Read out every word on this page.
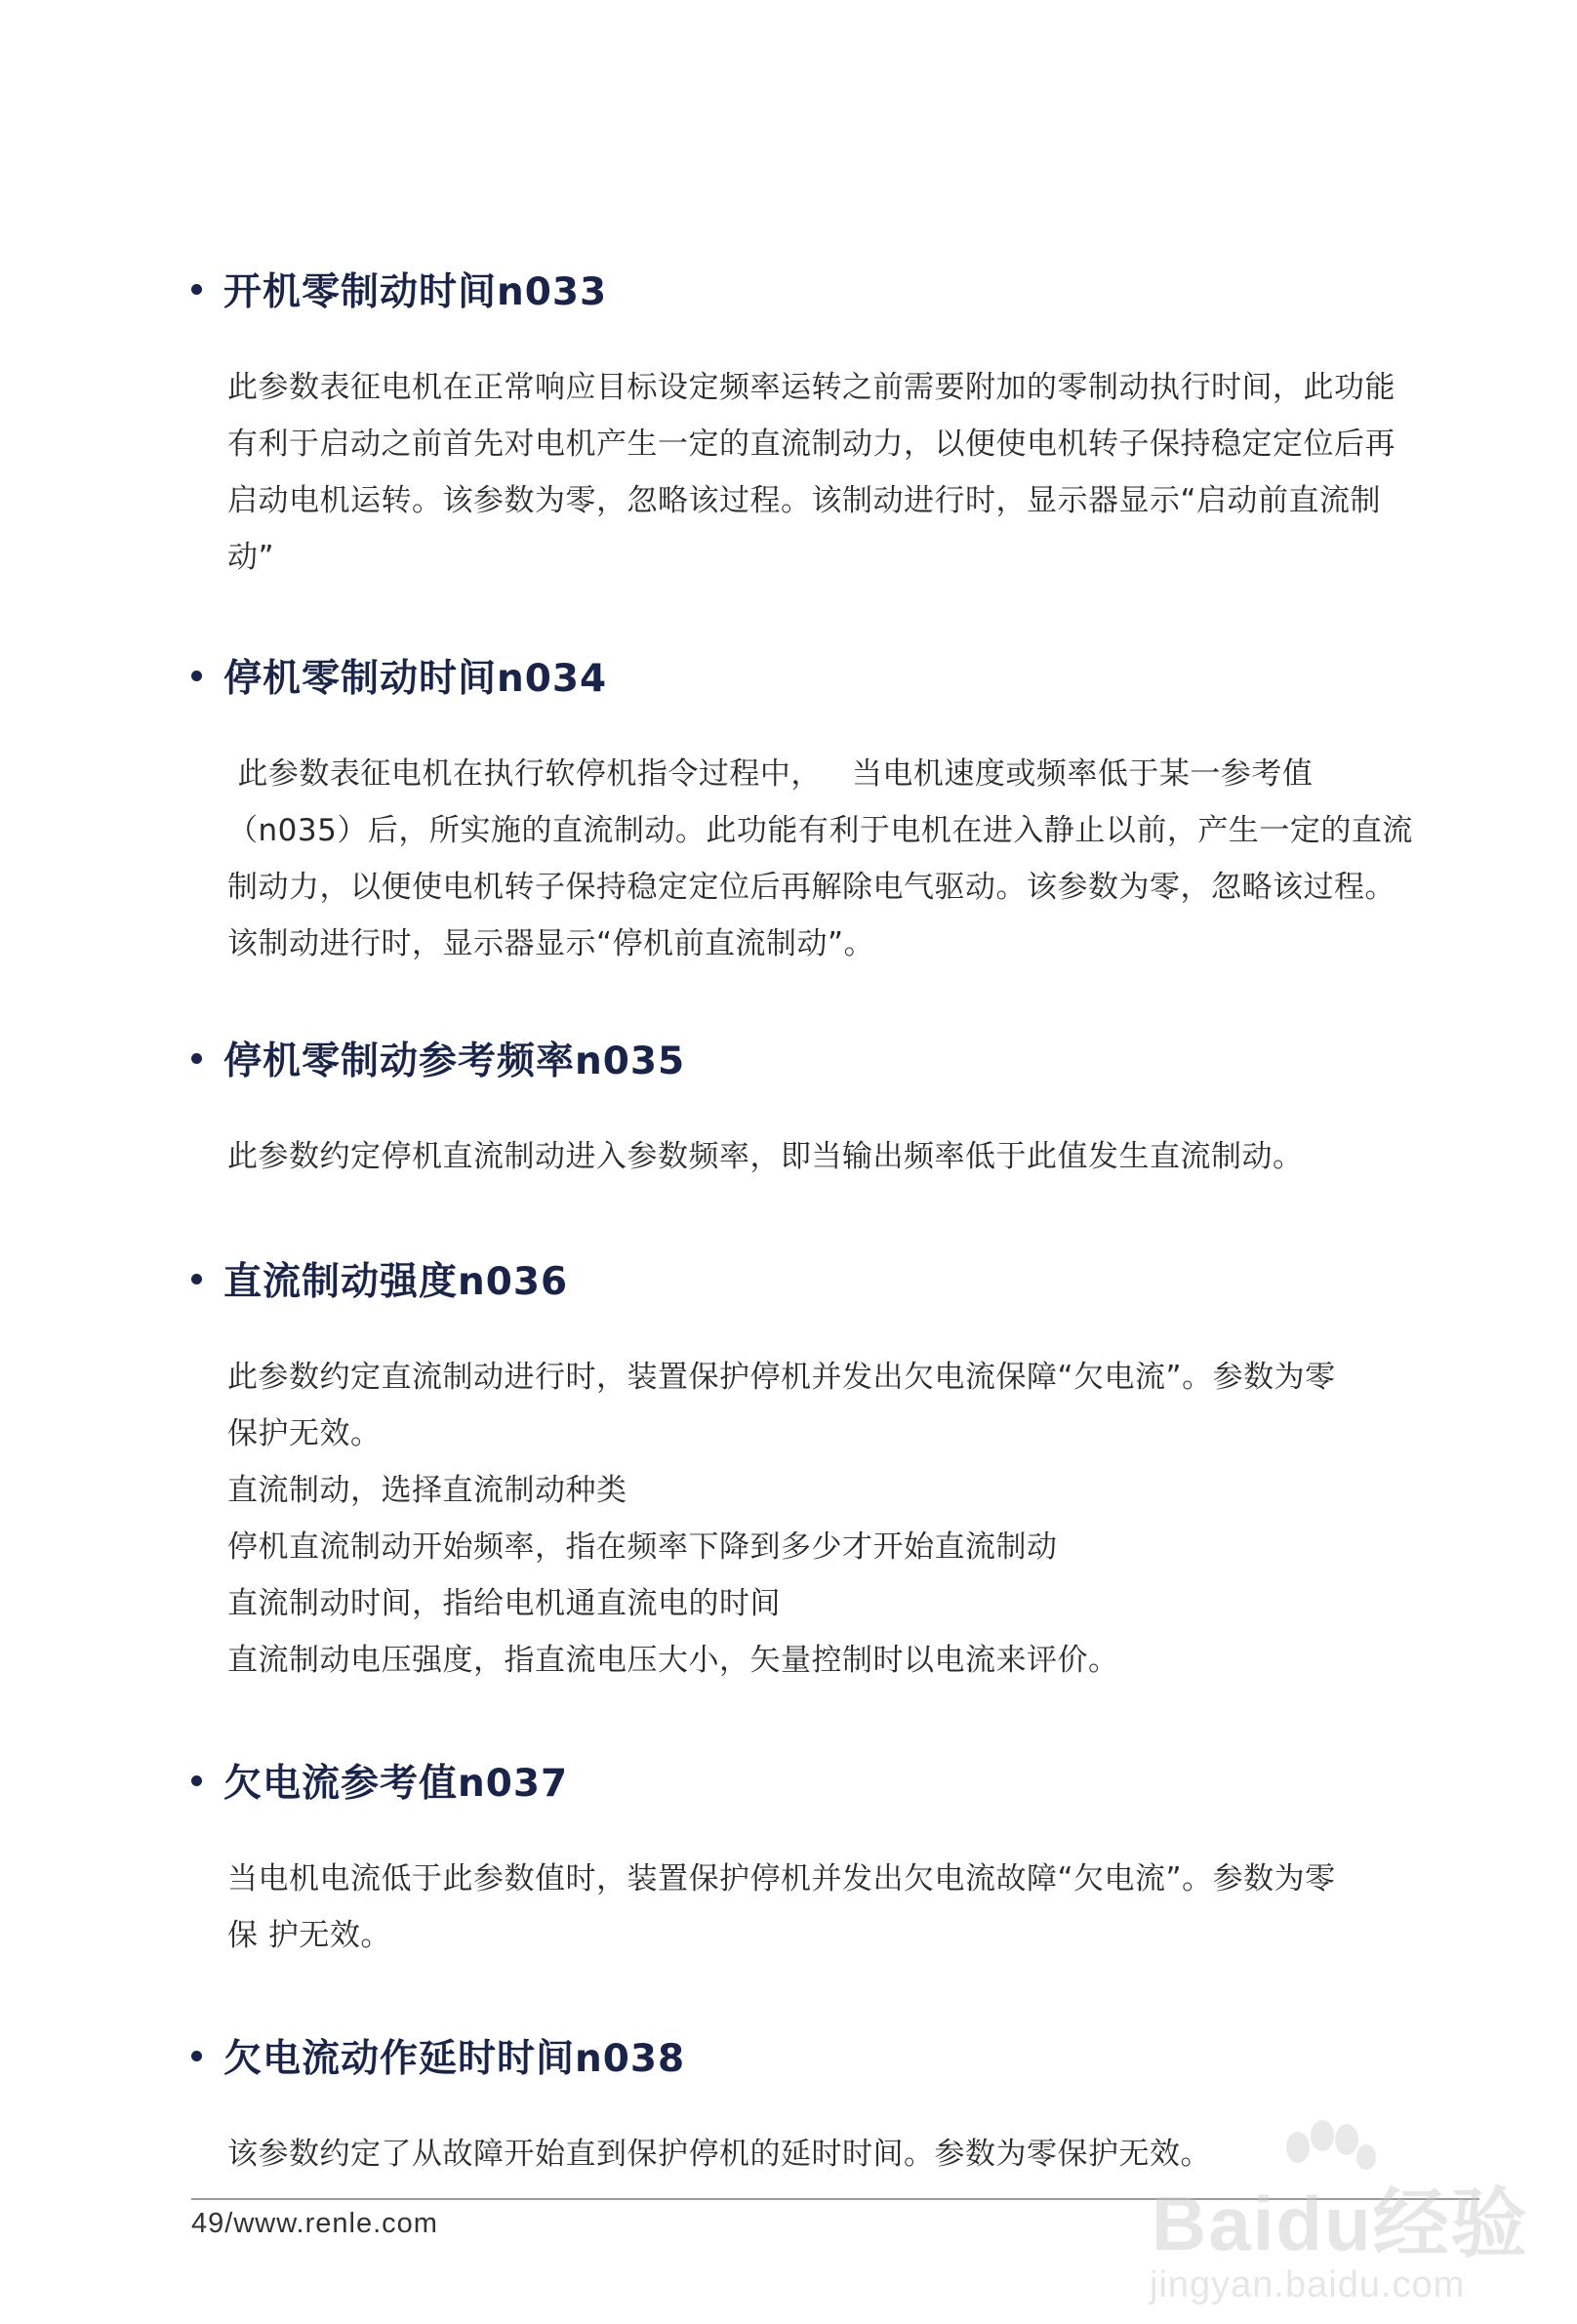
开机零制动时间n033
此参数表征电机在正常响应目标设定频率运转之前需要附加的零制动执行时间，此功能
有利于启动之前首先对电机产生一定的直流制动力，以便使电机转子保持稳定定位后再
启动电机运转。该参数为零，忽略该过程。该制动进行时，显示器显示“启动前直流制
动”
停机零制动时间n034
此参数表征电机在执行软停机指令过程中，   当电机速度或频率低于某一参考值
（n035）后，所实施的直流制动。此功能有利于电机在进入静止以前，产生一定的直流
制动力，以便使电机转子保持稳定定位后再解除电气驱动。该参数为零，忽略该过程。
该制动进行时，显示器显示“停机前直流制动”。
停机零制动参考频率n035
此参数约定停机直流制动进入参数频率，即当输出频率低于此值发生直流制动。
直流制动强度n036
此参数约定直流制动进行时，装置保护停机并发出欠电流保障“欠电流”。参数为零
保护无效。
直流制动，选择直流制动种类
停机直流制动开始频率，指在频率下降到多少才开始直流制动
直流制动时间，指给电机通直流电的时间
直流制动电压强度，指直流电压大小，矢量控制时以电流来评价。
欠电流参考值n037
当电机电流低于此参数值时，装置保护停机并发出欠电流故障“欠电流”。参数为零
保 护无效。
欠电流动作延时时间n038
该参数约定了从故障开始直到保护停机的延时时间。参数为零保护无效。
49/www.renle.com	Baidu经验
jingyan.baidu.com
